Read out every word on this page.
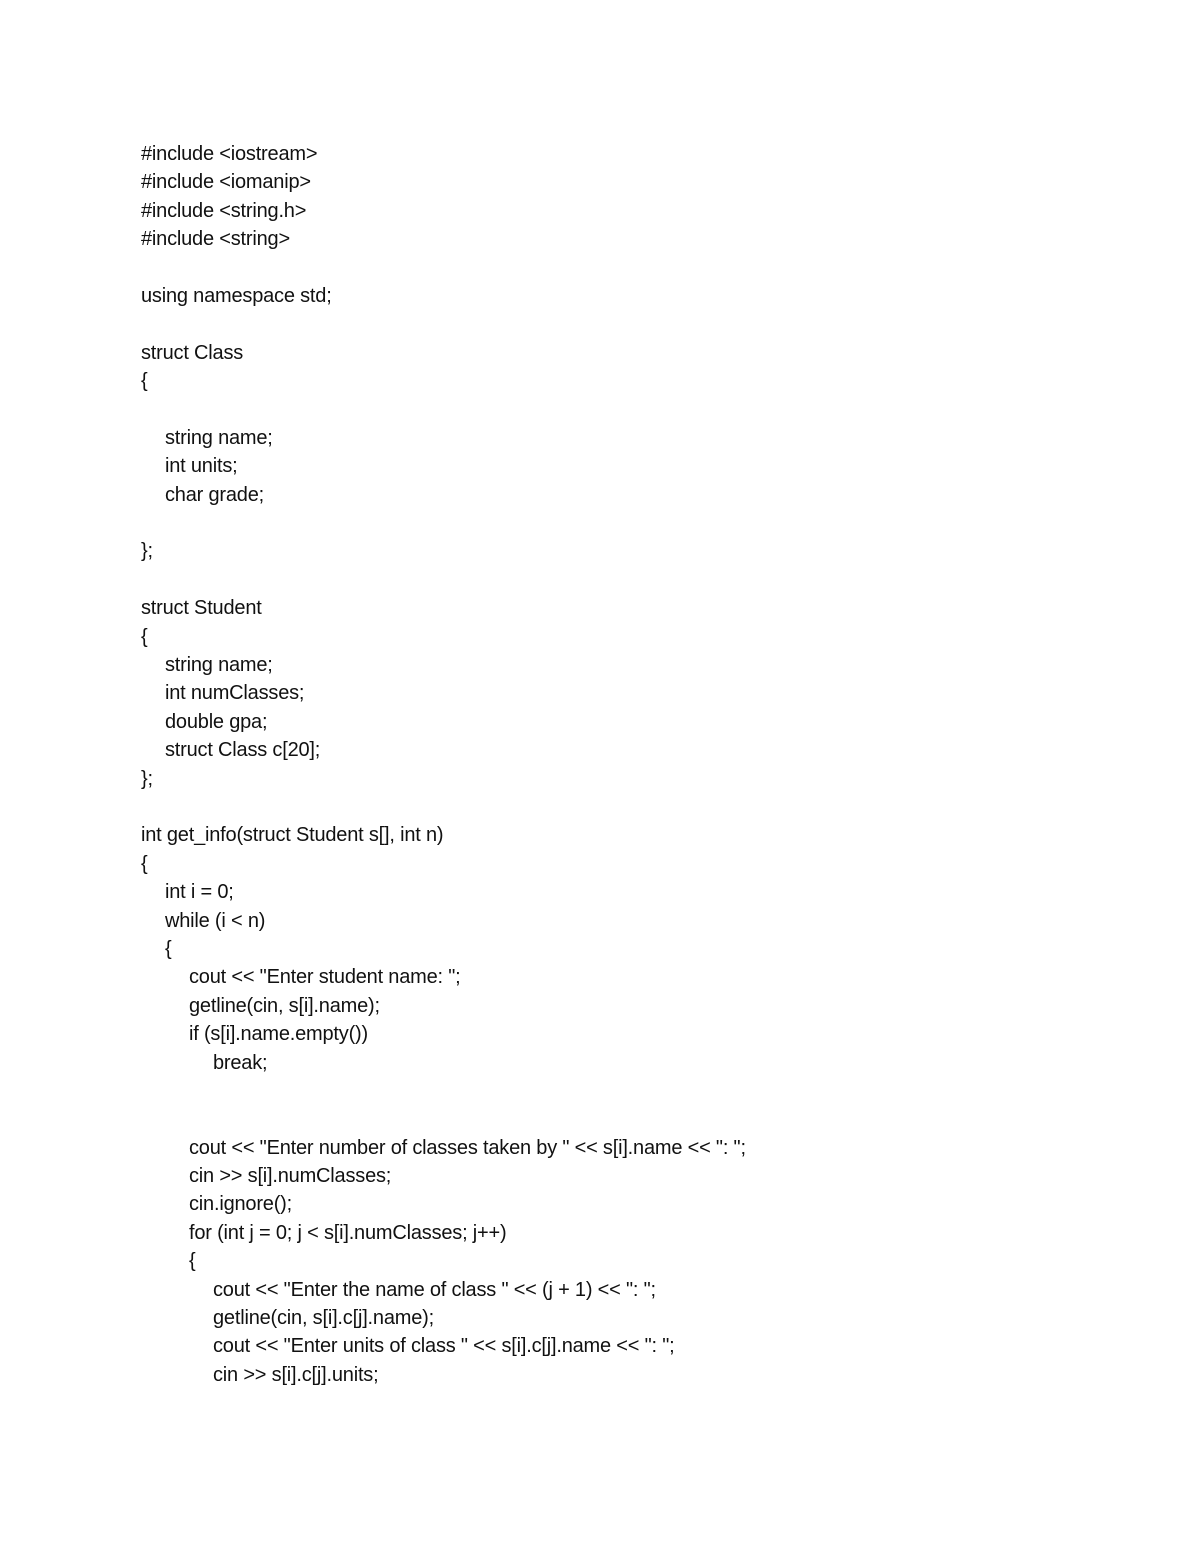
#include <iostream>
#include <iomanip>
#include <string.h>
#include <string>
using namespace std;
struct Class
{
string name;
int units;
char grade;
};
struct Student
{
string name;
int numClasses;
double gpa;
struct Class c[20];
};
int get_info(struct Student s[], int n)
{
int i = 0;
while (i < n)
{
cout << "Enter student name: ";
getline(cin, s[i].name);
if (s[i].name.empty())
break;
cout << "Enter number of classes taken by " << s[i].name << ": ";
cin >> s[i].numClasses;
cin.ignore();
for (int j = 0; j < s[i].numClasses; j++)
{
cout << "Enter the name of class " << (j + 1) << ": ";
getline(cin, s[i].c[j].name);
cout << "Enter units of class " << s[i].c[j].name << ": ";
cin >> s[i].c[j].units;
